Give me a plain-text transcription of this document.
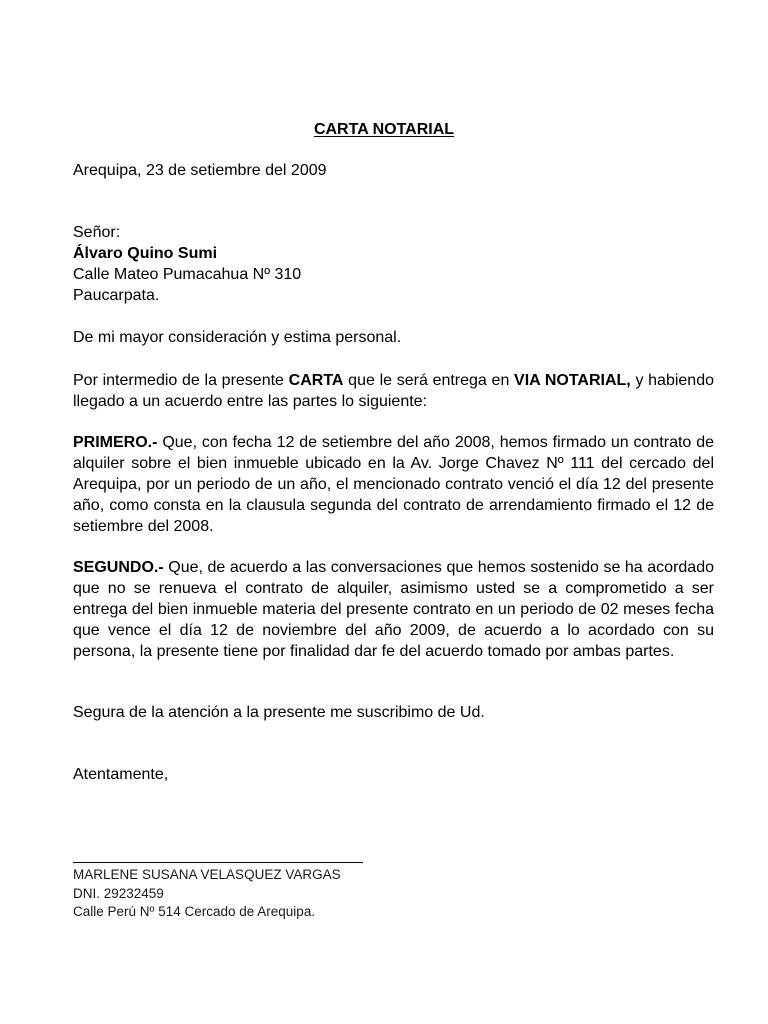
CARTA NOTARIAL
Arequipa, 23 de setiembre del 2009
Señor:
Álvaro Quino Sumi
Calle Mateo Pumacahua Nº 310
Paucarpata.
De mi mayor consideración y estima personal.
Por intermedio de la presente CARTA que le será entrega en VIA NOTARIAL, y habiendo llegado a un acuerdo entre las partes lo siguiente:
PRIMERO.- Que, con fecha 12 de setiembre del año 2008, hemos firmado un contrato de alquiler sobre el bien inmueble ubicado en la Av. Jorge Chavez Nº 111 del cercado del Arequipa, por un periodo de un año, el mencionado contrato venció el día 12 del presente año, como consta en la clausula segunda del contrato de arrendamiento firmado el 12 de setiembre del 2008.
SEGUNDO.- Que, de acuerdo a las conversaciones que hemos sostenido se ha acordado que no se renueva el contrato de alquiler, asimismo usted se a comprometido a ser entrega del bien inmueble materia del presente contrato en un periodo de 02 meses fecha que vence el día 12 de noviembre del año 2009, de acuerdo a lo acordado con su persona, la presente tiene por finalidad dar fe del acuerdo tomado por ambas partes.
Segura de la atención a la presente me suscribimo de Ud.
Atentamente,
MARLENE SUSANA VELASQUEZ VARGAS
DNI. 29232459
Calle Perú Nº 514 Cercado de Arequipa.
